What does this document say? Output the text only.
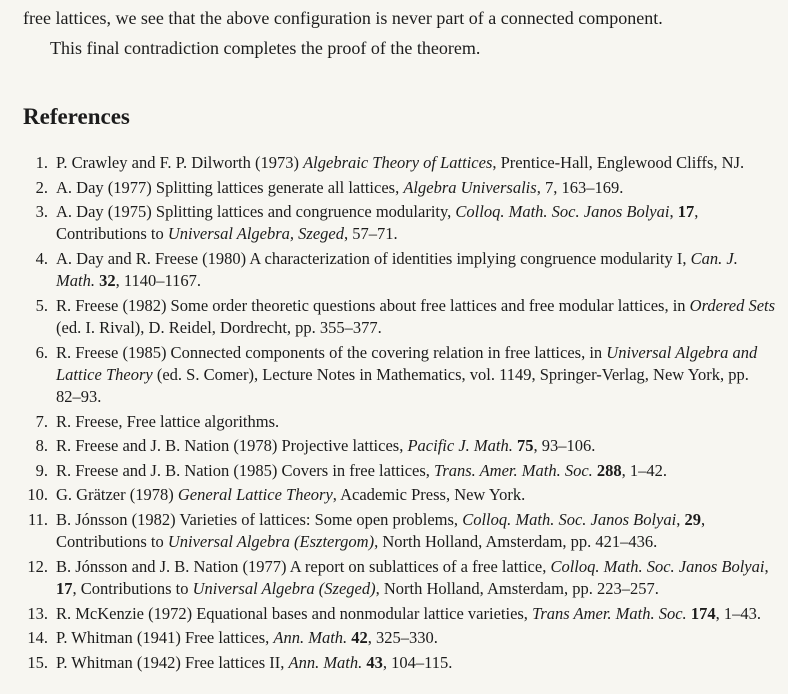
free lattices, we see that the above configuration is never part of a connected component.
This final contradiction completes the proof of the theorem.
References
1. P. Crawley and F. P. Dilworth (1973) Algebraic Theory of Lattices, Prentice-Hall, Englewood Cliffs, NJ.
2. A. Day (1977) Splitting lattices generate all lattices, Algebra Universalis, 7, 163–169.
3. A. Day (1975) Splitting lattices and congruence modularity, Colloq. Math. Soc. Janos Bolyai, 17, Contributions to Universal Algebra, Szeged, 57–71.
4. A. Day and R. Freese (1980) A characterization of identities implying congruence modularity I, Can. J. Math. 32, 1140–1167.
5. R. Freese (1982) Some order theoretic questions about free lattices and free modular lattices, in Ordered Sets (ed. I. Rival), D. Reidel, Dordrecht, pp. 355–377.
6. R. Freese (1985) Connected components of the covering relation in free lattices, in Universal Algebra and Lattice Theory (ed. S. Comer), Lecture Notes in Mathematics, vol. 1149, Springer-Verlag, New York, pp. 82–93.
7. R. Freese, Free lattice algorithms.
8. R. Freese and J. B. Nation (1978) Projective lattices, Pacific J. Math. 75, 93–106.
9. R. Freese and J. B. Nation (1985) Covers in free lattices, Trans. Amer. Math. Soc. 288, 1–42.
10. G. Grätzer (1978) General Lattice Theory, Academic Press, New York.
11. B. Jónsson (1982) Varieties of lattices: Some open problems, Colloq. Math. Soc. Janos Bolyai, 29, Contributions to Universal Algebra (Esztergom), North Holland, Amsterdam, pp. 421–436.
12. B. Jónsson and J. B. Nation (1977) A report on sublattices of a free lattice, Colloq. Math. Soc. Janos Bolyai, 17, Contributions to Universal Algebra (Szeged), North Holland, Amsterdam, pp. 223–257.
13. R. McKenzie (1972) Equational bases and nonmodular lattice varieties, Trans Amer. Math. Soc. 174, 1–43.
14. P. Whitman (1941) Free lattices, Ann. Math. 42, 325–330.
15. P. Whitman (1942) Free lattices II, Ann. Math. 43, 104–115.
